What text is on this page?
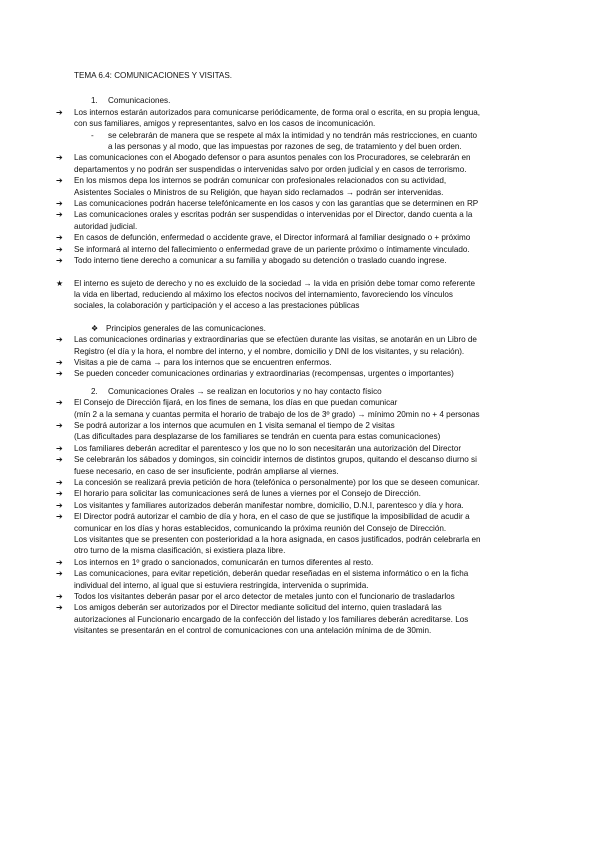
TEMA 6.4: COMUNICACIONES Y VISITAS.
1. Comunicaciones.
➔	Los internos estarán autorizados para comunicarse periódicamente, de forma oral o escrita, en su propia lengua,
con sus familiares, amigos y representantes, salvo en los casos de incomunicación.
- se celebrarán de manera que se respete al máx la intimidad y no tendrán más restricciones, en cuanto
a las personas y al modo, que las impuestas por razones de seg, de tratamiento y del buen orden.
➔	Las comunicaciones con el Abogado defensor o para asuntos penales con los Procuradores, se celebrarán en
departamentos y no podrán ser suspendidas o intervenidas salvo por orden judicial y en casos de terrorismo.
➔	En los mismos depa los internos se podrán comunicar con profesionales relacionados con su actividad,
Asistentes Sociales o Ministros de su Religión, que hayan sido reclamados → podrán ser intervenidas.
➔	Las comunicaciones podrán hacerse telefónicamente en los casos y con las garantías que se determinen en RP
➔	Las comunicaciones orales y escritas podrán ser suspendidas o intervenidas por el Director, dando cuenta a la
autoridad judicial.
➔	En casos de defunción, enfermedad o accidente grave, el Director informará al familiar designado o + próximo
➔	Se informará al interno del fallecimiento o enfermedad grave de un pariente próximo o íntimamente vinculado.
➔	Todo interno tiene derecho a comunicar a su familia y abogado su detención o traslado cuando ingrese.
★	El interno es sujeto de derecho y no es excluido de la sociedad → la vida en prisión debe tomar como referente
la vida en libertad, reduciendo al máximo los efectos nocivos del internamiento, favoreciendo los vínculos
sociales, la colaboración y participación y el acceso a las prestaciones públicas
❖ Principios generales de las comunicaciones.
➔	Las comunicaciones ordinarias y extraordinarias que se efectúen durante las visitas, se anotarán en un Libro de
Registro (el día y la hora, el nombre del interno, y el nombre, domicilio y DNI de los visitantes, y su relación).
➔	Visitas a pie de cama → para los internos que se encuentren enfermos.
➔	Se pueden conceder comunicaciones ordinarias y extraordinarias (recompensas, urgentes o importantes)
2. Comunicaciones Orales → se realizan en locutorios y no hay contacto físico
➔	El Consejo de Dirección fijará, en los fines de semana, los días en que puedan comunicar
(mín 2 a la semana y cuantas permita el horario de trabajo de los de 3º grado) → mínimo 20min no + 4 personas
➔	Se podrá autorizar a los internos que acumulen en 1 visita semanal el tiempo de 2 visitas
(Las dificultades para desplazarse de los familiares se tendrán en cuenta para estas comunicaciones)
➔	Los familiares deberán acreditar el parentesco y los que no lo son necesitarán una autorización del Director
➔	Se celebrarán los sábados y domingos, sin coincidir internos de distintos grupos, quitando el descanso diurno si
fuese necesario, en caso de ser insuficiente, podrán ampliarse al viernes.
➔	La concesión se realizará previa petición de hora (telefónica o personalmente) por los que se deseen comunicar.
➔	El horario para solicitar las comunicaciones será de lunes a viernes por el Consejo de Dirección.
➔	Los visitantes y familiares autorizados deberán manifestar nombre, domicilio, D.N.I, parentesco y día y hora.
➔	El Director podrá autorizar el cambio de día y hora, en el caso de que se justifique la imposibilidad de acudir a
comunicar en los días y horas establecidos, comunicando la próxima reunión del Consejo de Dirección.
Los visitantes que se presenten con posterioridad a la hora asignada, en casos justificados, podrán celebrarla en
otro turno de la misma clasificación, si existiera plaza libre.
➔	Los internos en 1º grado o sancionados, comunicarán en turnos diferentes al resto.
➔	Las comunicaciones, para evitar repetición, deberán quedar reseñadas en el sistema informático o en la ficha
individual del interno, al igual que si estuviera restringida, intervenida o suprimida.
➔	Todos los visitantes deberán pasar por el arco detector de metales junto con el funcionario de trasladarlos
➔	Los amigos deberán ser autorizados por el Director mediante solicitud del interno, quien trasladará las
autorizaciones al Funcionario encargado de la confección del listado y los familiares deberán acreditarse. Los
visitantes se presentarán en el control de comunicaciones con una antelación mínima de de 30min.
